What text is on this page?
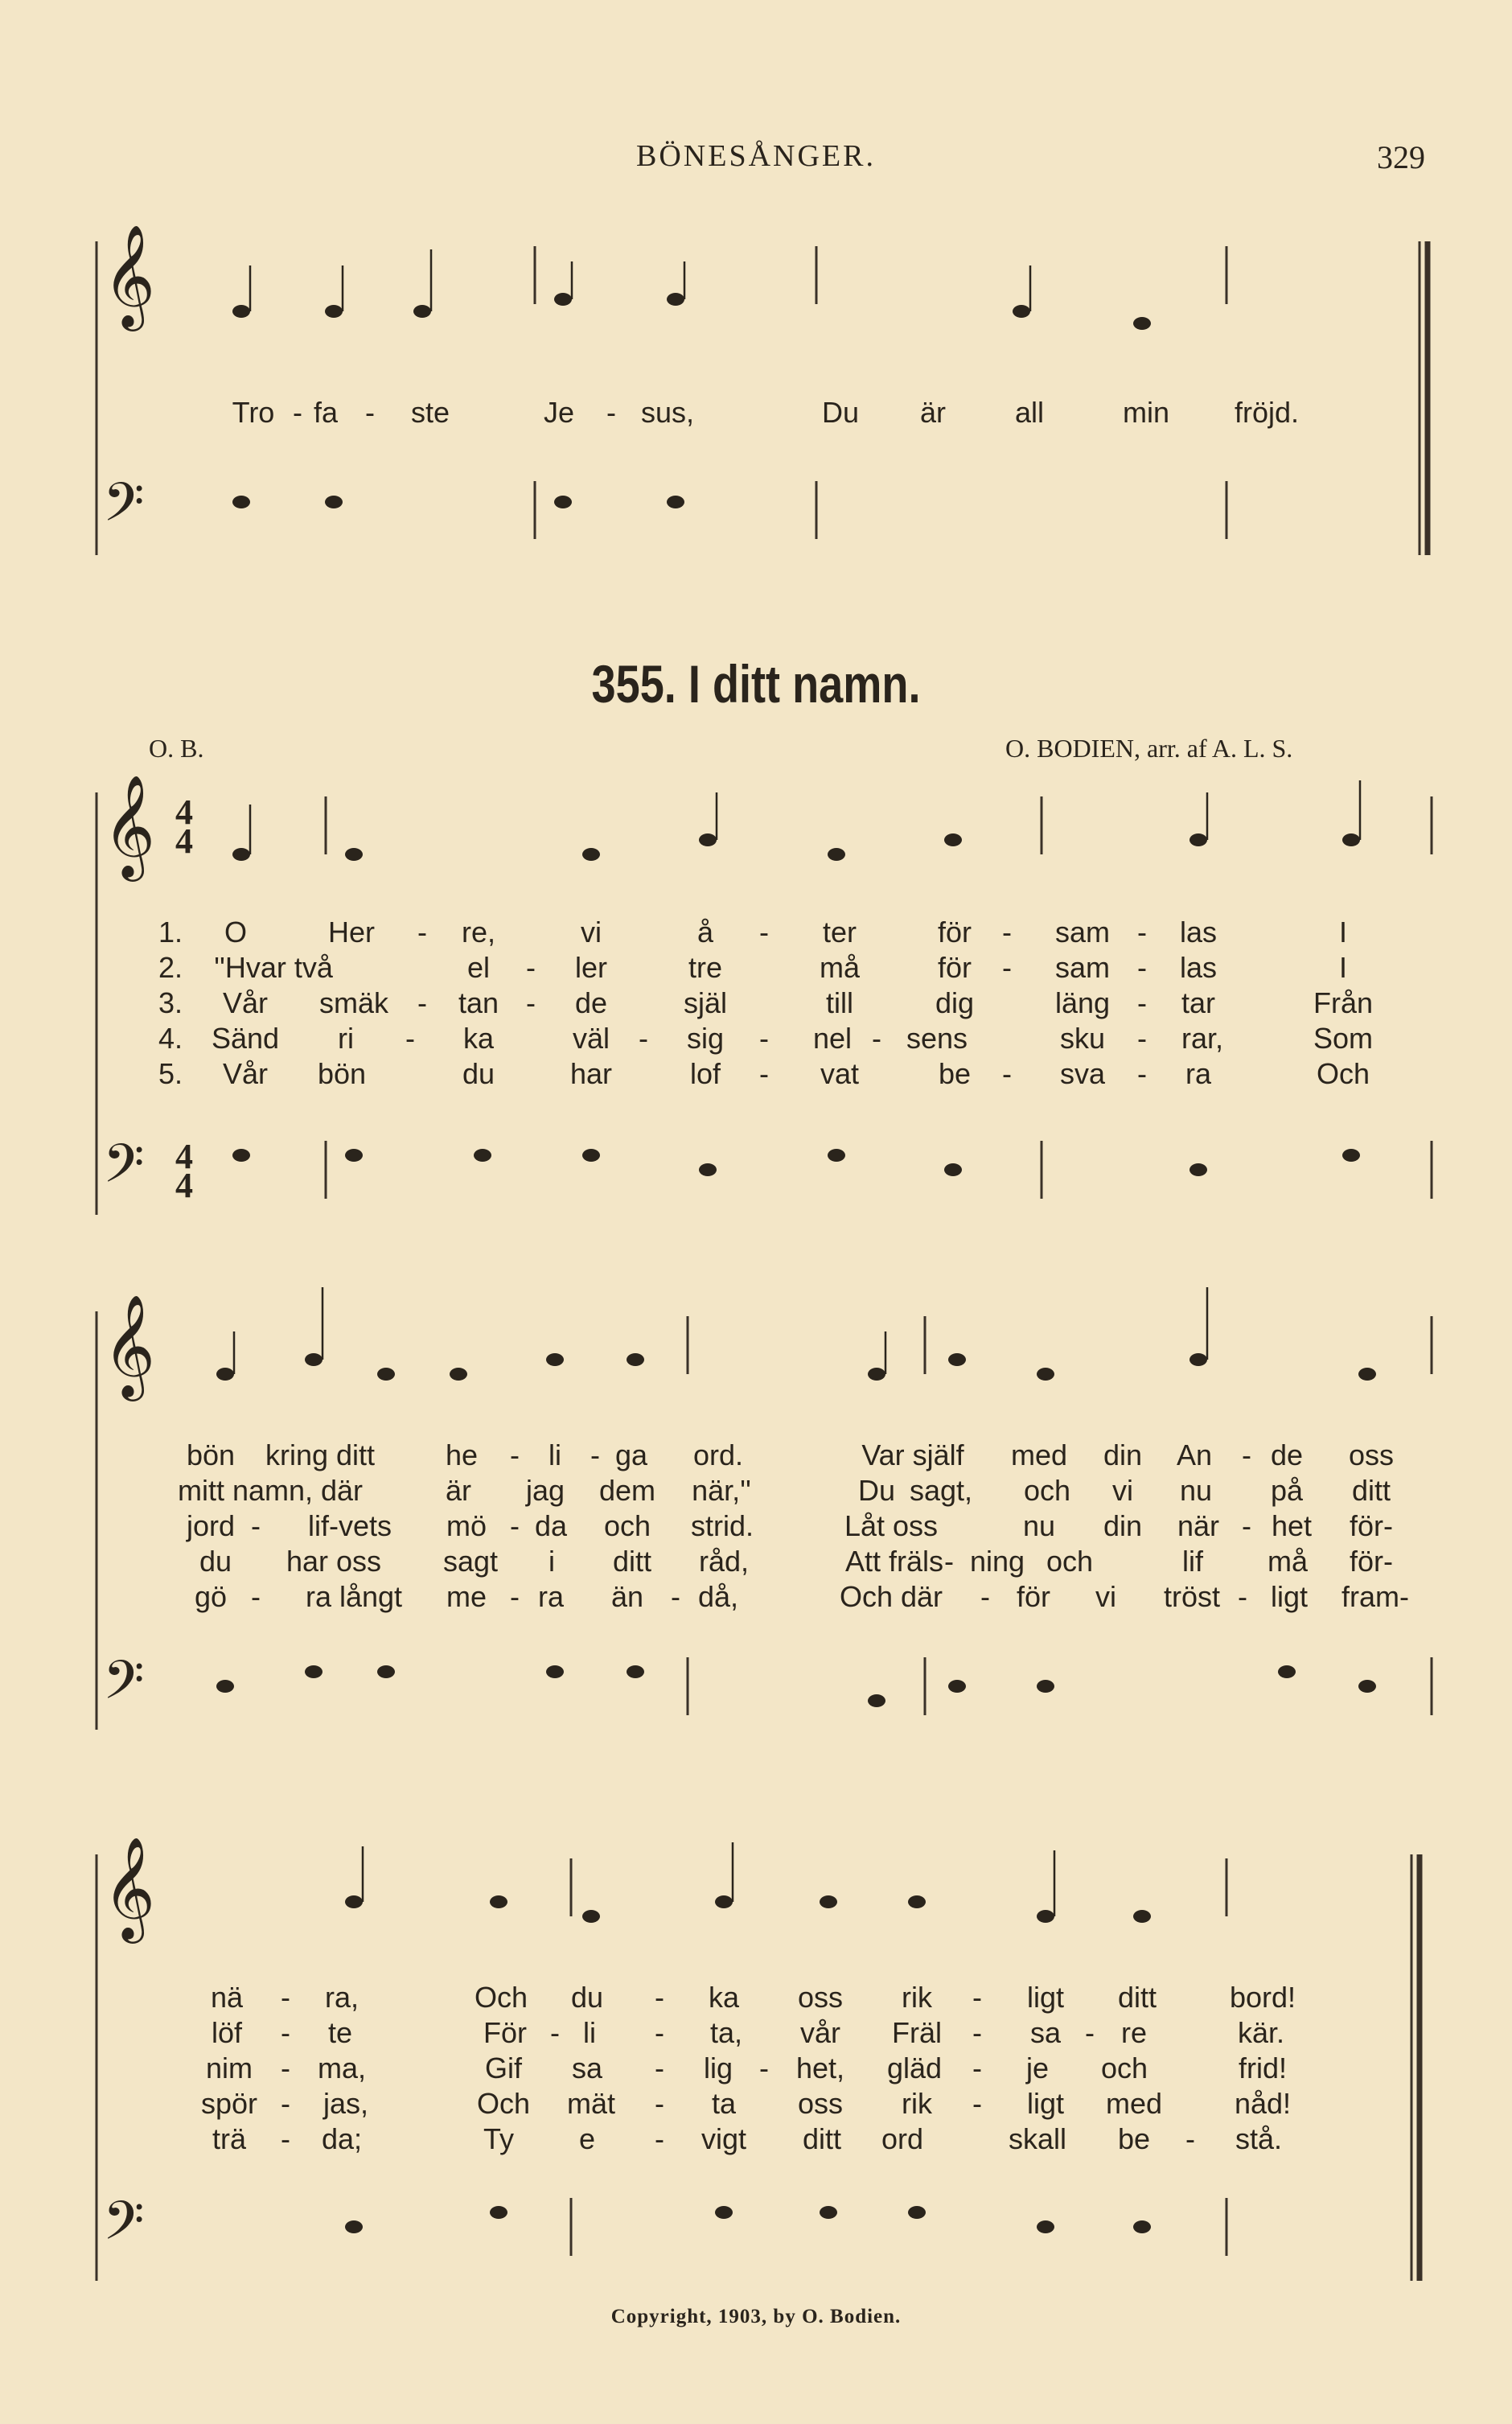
𝄞
𝄢
𝄞
𝄢
𝄞
𝄢
𝄞
𝄢
4
4
4
4
BÖNESÅNGER.	329
Tro - fa - ste	Je - sus,	Du är all	min fröjd.
355. I ditt namn.
O. B.	O. BODIEN, arr. af A. L. S.
1. O	Her - re,	vi	å - ter	för - sam - las	I
2. ''Hvar två	el - ler	tre	må	för - sam - las	I
3. Vår smäk - tan - de	själ	till	dig	läng - tar	Från
4. Sänd ri - ka	väl - sig - nel - sens	sku - rar,	Som
5. Vår bön	du	har	lof - vat	be - sva - ra	Och
bön kring ditt he - li - ga ord.	Var själf med din An - de oss
mitt namn, där	är jag dem när,''	Du sagt, och vi nu på ditt
jord - lif-vets mö - da och strid.	Låt oss	nu din när - het för-
du har oss sagt i ditt råd,	Att fräls - ning och	lif må för-
gö - ra långt me - ra än - då,	Och där - för vi tröst - ligt fram-
nä - ra,	Och du - ka oss rik - ligt ditt	bord!
löf - te	För - li - ta, vår Fräl - sa - re	kär.
nim - ma,	Gif sa - lig - het, gläd - je och	frid!
spör - jas,	Och mät - ta oss rik - ligt med nåd!
trä - da;	Ty e - vigt ditt ord	skall be - stå.
Copyright, 1903, by O. Bodien.
